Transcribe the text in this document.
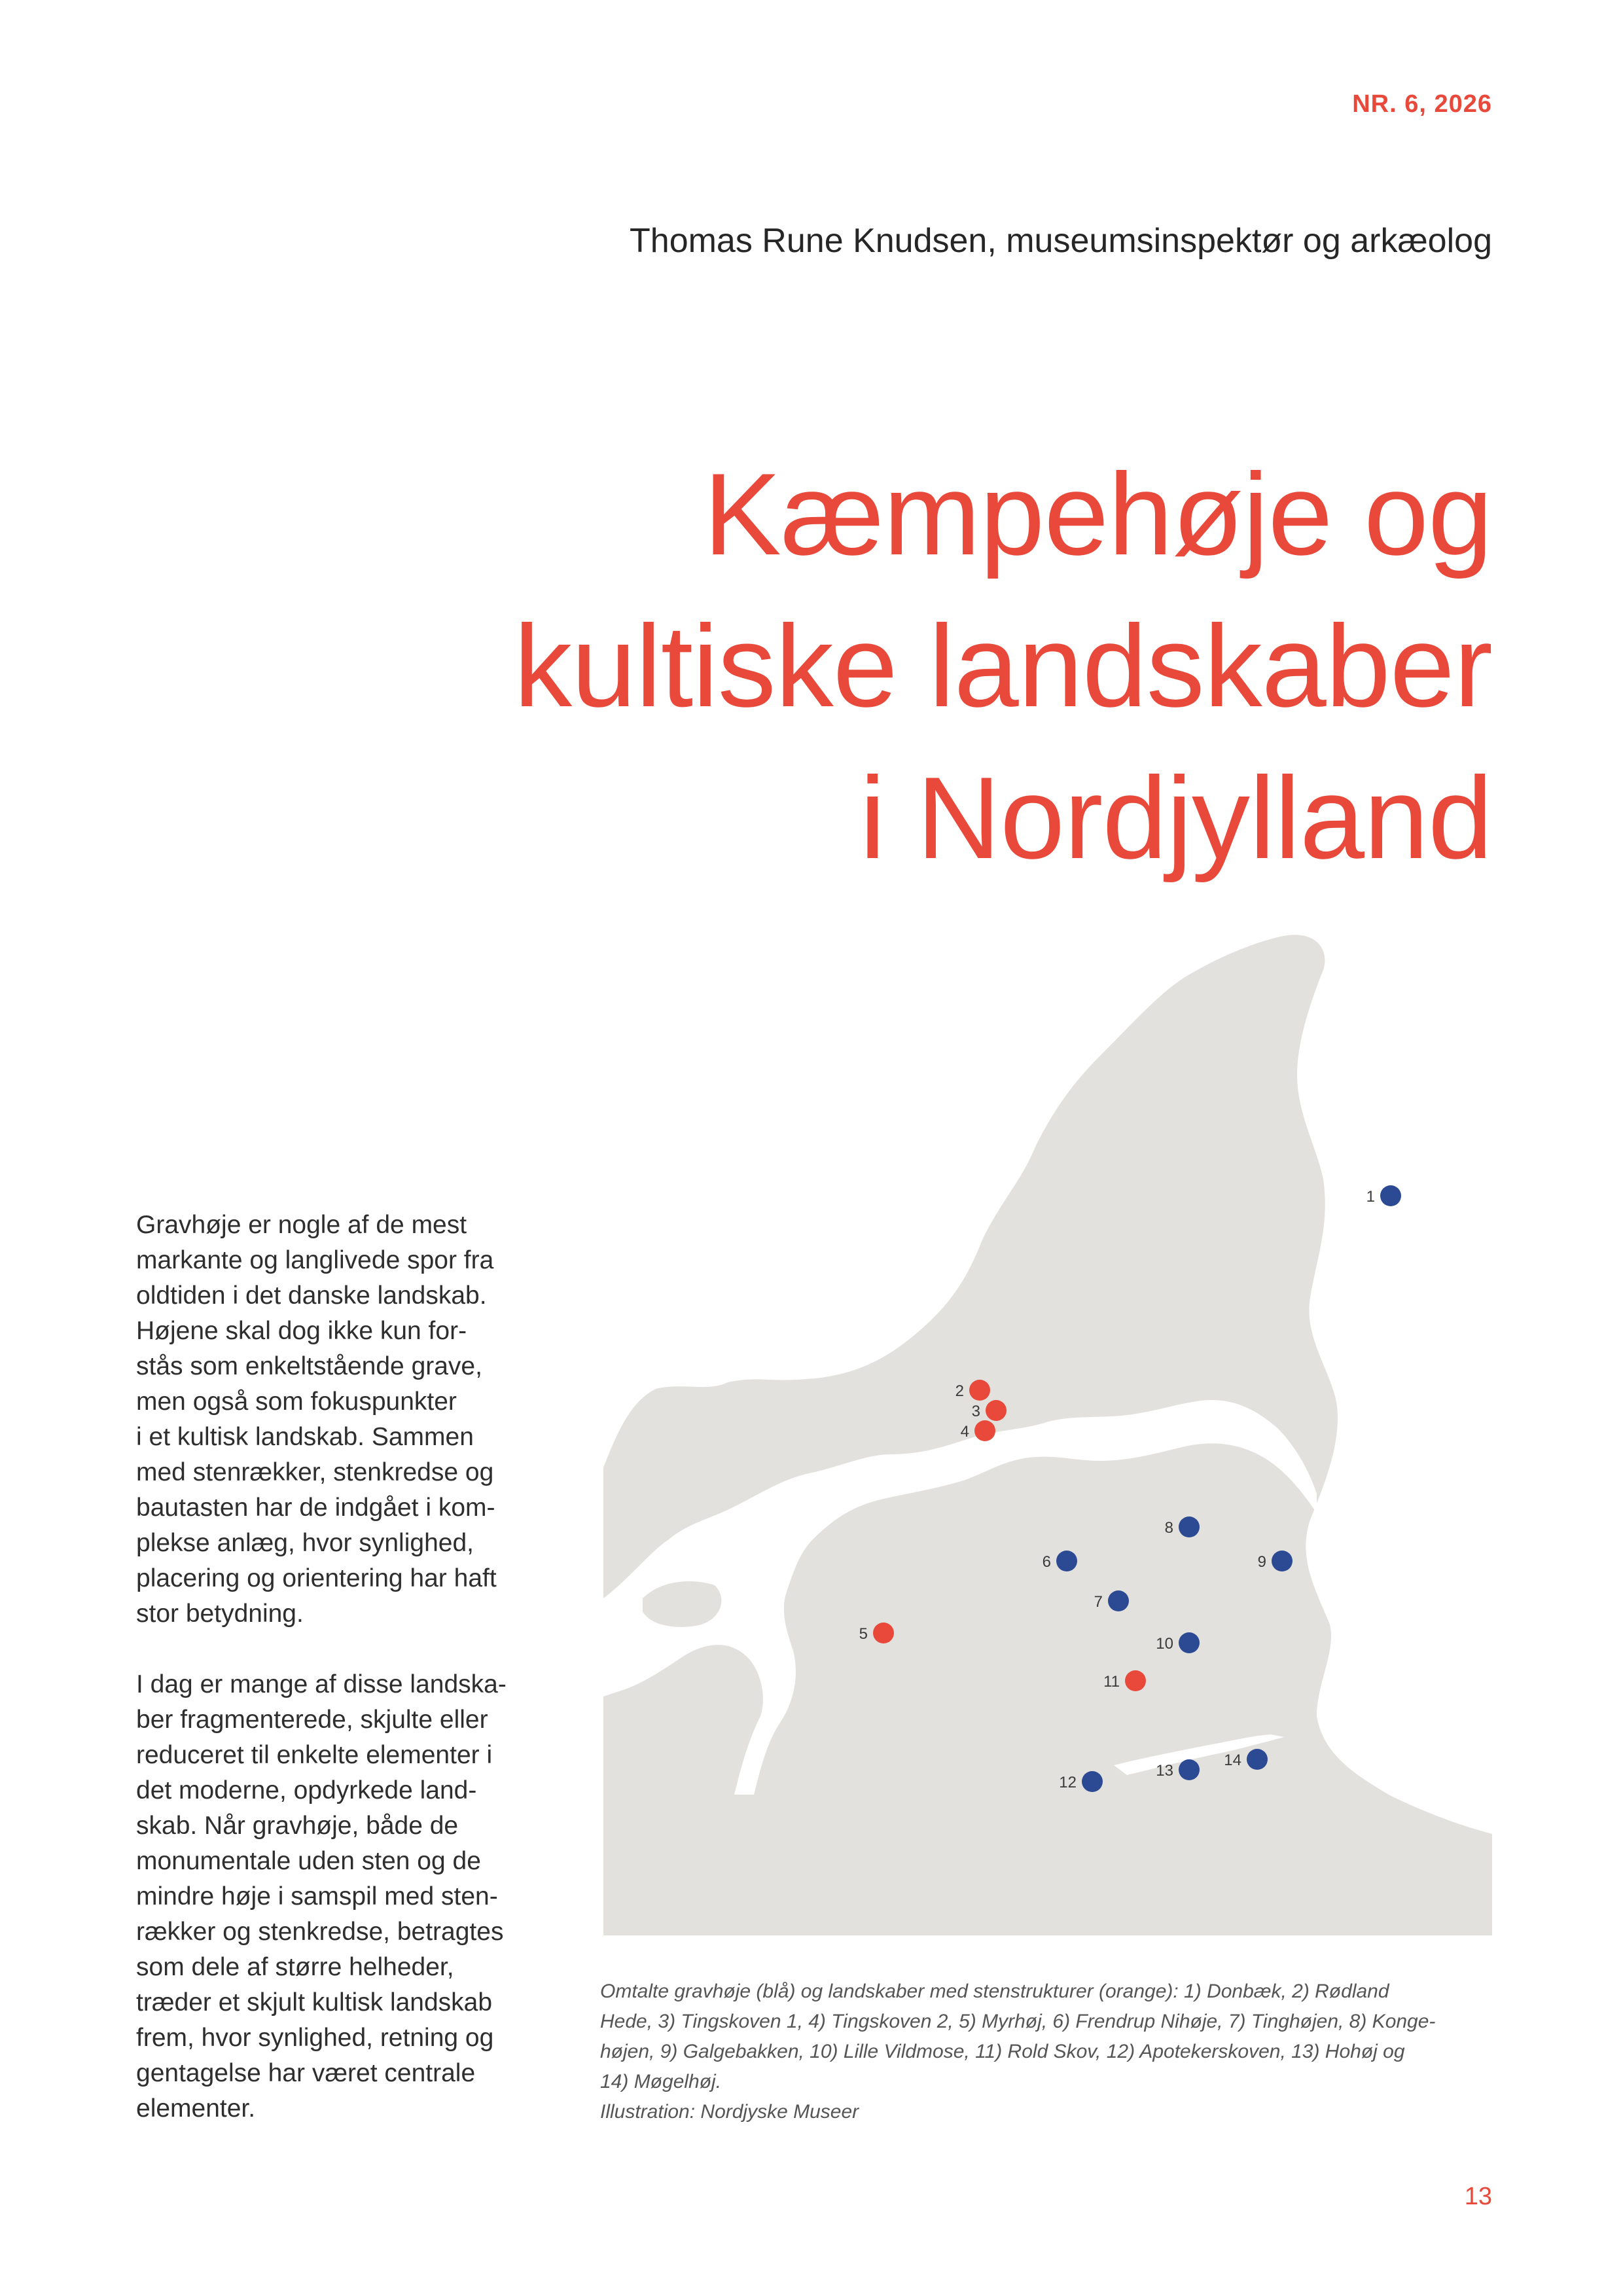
NR. 6, 2026
Thomas Rune Knudsen, museumsinspektør og arkæolog
Kæmpehøje og
kultiske landskaber
i Nordjylland

Gravhøje er nogle af de mest
markante og langlivede spor fra
oldtiden i det danske landskab.
Højene skal dog ikke kun for-
stås som enkeltstående grave,
men også som fokuspunkter
i et kultisk landskab. Sammen
med stenrækker, stenkredse og
bautasten har de indgået i kom-
plekse anlæg, hvor synlighed,
placering og orientering har haft
stor betydning.

I dag er mange af disse landska-
ber fragmenterede, skjulte eller
reduceret til enkelte elementer i
det moderne, opdyrkede land-
skab. Når gravhøje, både de
monumentale uden sten og de
mindre høje i samspil med sten-
rækker og stenkredse, betragtes
som dele af større helheder,
træder et skjult kultisk landskab
frem, hvor synlighed, retning og
gentagelse har været centrale
elementer.

1
2
3
4
5
6
7
8
9
10
11
12
13
14
Omtalte gravhøje (blå) og landskaber med stenstrukturer (orange): 1) Donbæk, 2) Rødland
Hede, 3) Tingskoven 1, 4) Tingskoven 2, 5) Myrhøj, 6) Frendrup Nihøje, 7) Tinghøjen, 8) Konge-
højen, 9) Galgebakken, 10) Lille Vildmose, 11) Rold Skov, 12) Apotekerskoven, 13) Hohøj og
14) Møgelhøj.
Illustration: Nordjyske Museer
13
